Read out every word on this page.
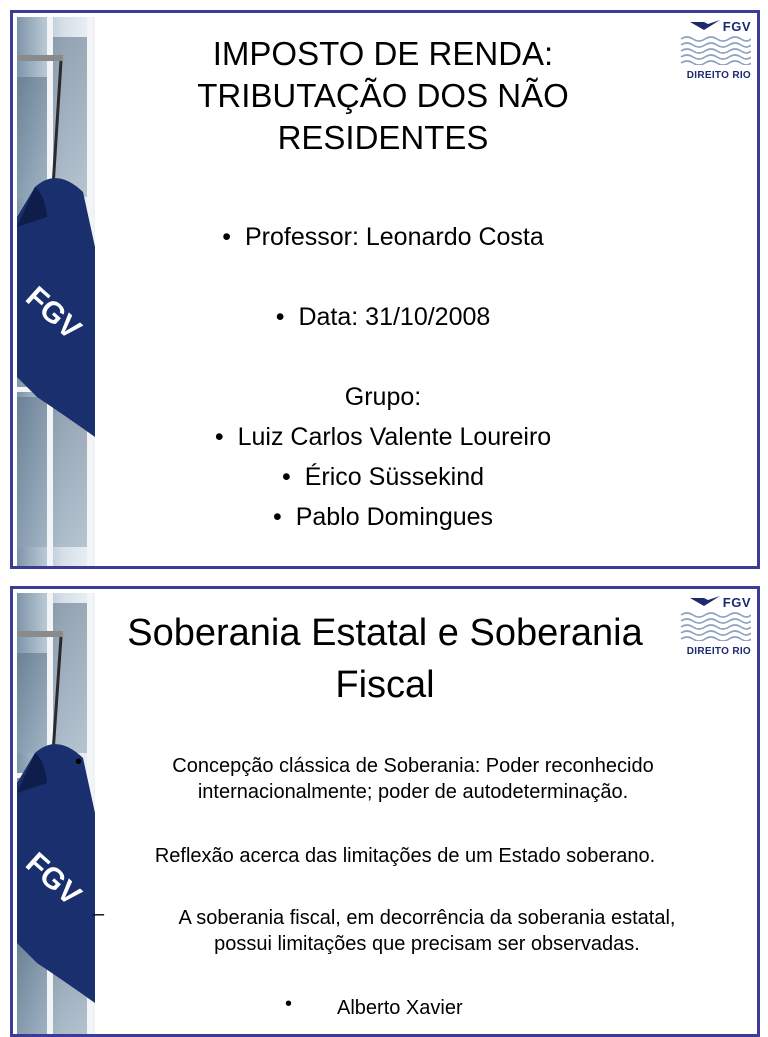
FGV
FGV
DIREITO RIO
IMPOSTO DE RENDA:
TRIBUTAÇÃO DOS NÃO
RESIDENTES
• Professor: Leonardo Costa
• Data: 31/10/2008
Grupo:
• Luiz Carlos Valente Loureiro
• Érico Süssekind
• Pablo Domingues
FGV
FGV
DIREITO RIO
Soberania Estatal e Soberania
Fiscal
•	Concepção clássica de Soberania: Poder reconhecido
internacionalmente; poder de autodeterminação.
Reflexão acerca das limitações de um Estado soberano.
–	A soberania fiscal, em decorrência da soberania estatal,
possui limitações que precisam ser observadas.
• Alberto Xavier
